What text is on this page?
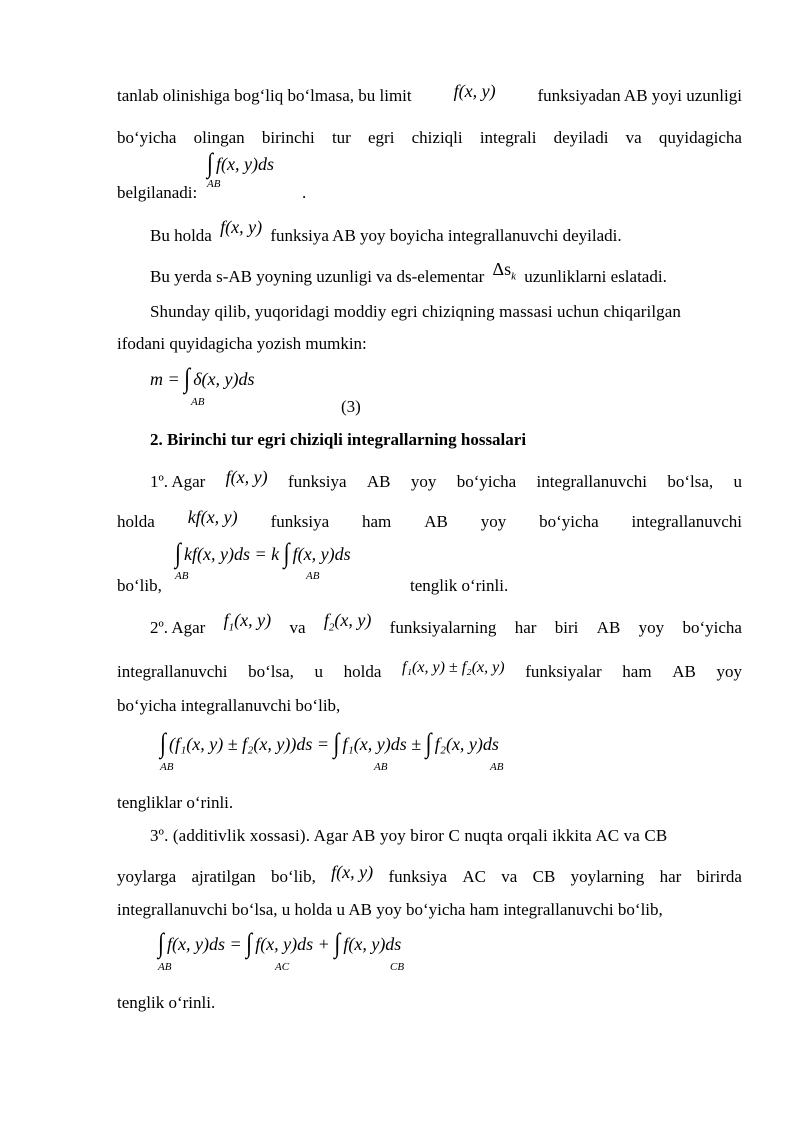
tanlab olinishiga bog‘liq bo‘lmasa, bu limit f(x, y) funksiyadan AB yoyi uzunligi
bo‘yicha olingan birinchi tur egri chiziqli integrali deyiladi va quyidagicha
∫ f(x, y)ds
AB
belgilanadi:	.
Bu holda f(x, y) funksiya AB yoy boyicha integrallanuvchi deyiladi.
Bu yerda s-AB yoyning uzunligi va ds-elementar $\Delta s_k$ uzunliklarni eslatadi.
Shunday qilib, yuqoridagi moddiy egri chiziqning massasi uchun chiqarilgan
ifodani quyidagicha yozish mumkin:
m = ∫ δ(x, y)ds
AB	(3)
2. Birinchi tur egri chiziqli integrallarning hossalari
1º. Agar f(x, y) funksiya AB yoy bo‘yicha integrallanuvchi bo‘lsa, u
holda kf(x, y) funksiya ham AB yoy bo‘yicha integrallanuvchi
∫ kf(x, y)ds = k ∫ f(x, y)ds
AB	AB
bo‘lib,	tenglik o‘rinli.
2º. Agar $f_1(x$, y) va $f_2(x$, y) funksiyalarning har biri AB yoy bo‘yicha
integrallanuvchi bo‘lsa, u holda f₁(x, y) ± f₂(x, y) funksiyalar ham AB yoy
bo‘yicha integrallanuvchi bo‘lib,
∫ (f₁(x, y) ± f₂(x, y))ds = ∫ f₁(x, y)ds ± ∫ f₂(x, y)ds
AB	AB	AB
tengliklar o‘rinli.
3º. (additivlik xossasi). Agar AB yoy biror C nuqta orqali ikkita AC va CB
yoylarga ajratilgan bo‘lib, f(x, y) funksiya AC va CB yoylarning har birirda
integrallanuvchi bo‘lsa, u holda u AB yoy bo‘yicha ham integrallanuvchi bo‘lib,
∫ f(x, y)ds = ∫ f(x, y)ds + ∫ f(x, y)ds
AB	AC	CB
tenglik o‘rinli.
